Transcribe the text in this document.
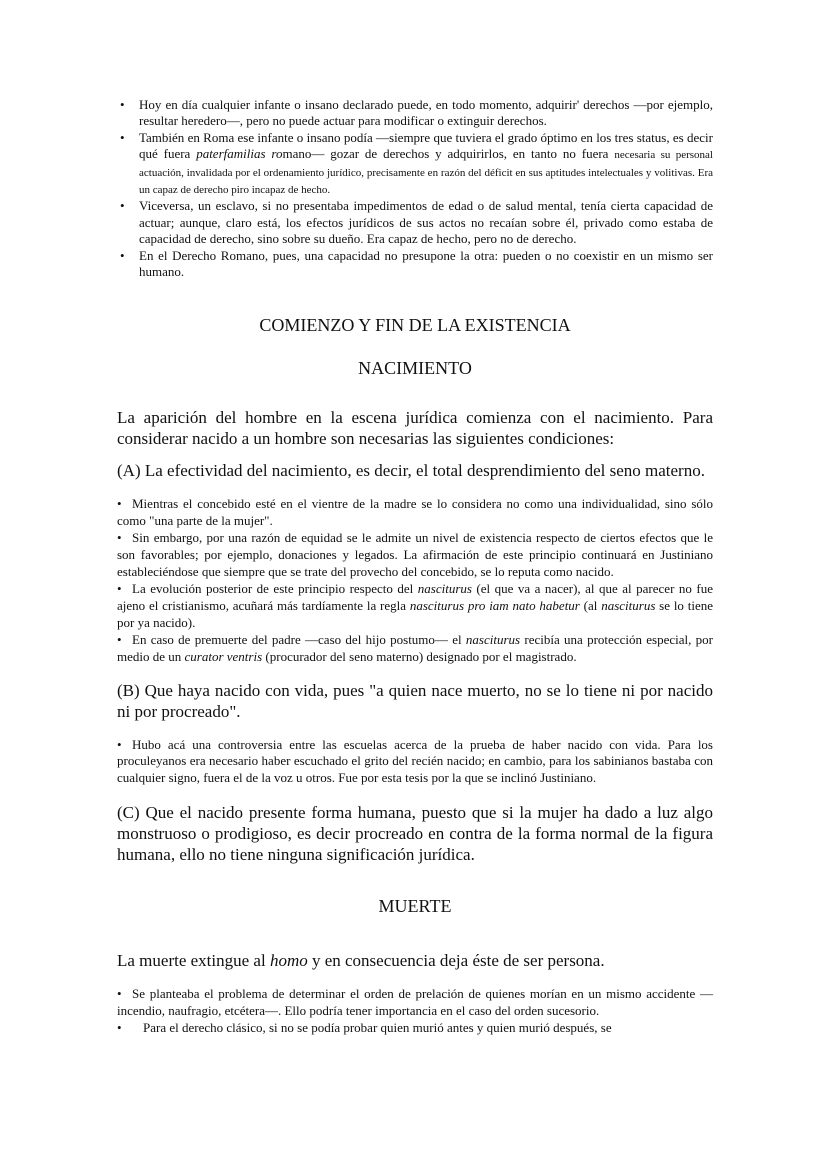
• Hoy en día cualquier infante o insano declarado puede, en todo momento, adquirir' derechos —por ejemplo, resultar heredero—, pero no puede actuar para modificar o extinguir derechos.
• También en Roma ese infante o insano podía —siempre que tuviera el grado óptimo en los tres status, es decir qué fuera paterfamilias romano— gozar de derechos y adquirirlos, en tanto no fuera necesaria su personal actuación, invalidada por el ordenamiento jurídico, precisamente en razón del déficit en sus aptitudes intelectuales y volitivas. Era un capaz de derecho piro incapaz de hecho.
• Viceversa, un esclavo, si no presentaba impedimentos de edad o de salud mental, tenía cierta capacidad de actuar; aunque, claro está, los efectos jurídicos de sus actos no recaían sobre él, privado como estaba de capacidad de derecho, sino sobre su dueño. Era capaz de hecho, pero no de derecho.
• En el Derecho Romano, pues, una capacidad no presupone la otra: pueden o no coexistir en un mismo ser humano.
COMIENZO Y FIN DE LA EXISTENCIA
NACIMIENTO

La aparición del hombre en la escena jurídica comienza con el nacimiento. Para considerar nacido a un hombre son necesarias las siguientes condiciones:

(A) La efectividad del nacimiento, es decir, el total desprendimiento del seno materno.

• Mientras el concebido esté en el vientre de la madre se lo considera no como una individualidad, sino sólo como "una parte de la mujer".

• Sin embargo, por una razón de equidad se le admite un nivel de existencia respecto de ciertos efectos que le son favorables; por ejemplo, donaciones y legados. La afirmación de este principio continuará en Justiniano estableciéndose que siempre que se trate del provecho del concebido, se lo reputa como nacido.

• La evolución posterior de este principio respecto del nasciturus (el que va a nacer), al que al parecer no fue ajeno el cristianismo, acuñará más tardíamente la regla nasciturus pro iam nato habetur (al nasciturus se lo tiene por ya nacido).

• En caso de premuerte del padre —caso del hijo postumo— el nasciturus recibía una protección especial, por medio de un curator ventris (procurador del seno materno) designado por el magistrado.

(B) Que haya nacido con vida, pues "a quien nace muerto, no se lo tiene ni por nacido ni por procreado".

• Hubo acá una controversia entre las escuelas acerca de la prueba de haber nacido con vida. Para los proculeyanos era necesario haber escuchado el grito del recién nacido; en cambio, para los sabinianos bastaba con cualquier signo, fuera el de la voz u otros. Fue por esta tesis por la que se inclinó Justiniano.

(C) Que el nacido presente forma humana, puesto que si la mujer ha dado a luz algo monstruoso o prodigioso, es decir procreado en contra de la forma normal de la figura humana, ello no tiene ninguna significación jurídica.

MUERTE

La muerte extingue al homo y en consecuencia deja éste de ser persona.

• Se planteaba el problema de determinar el orden de prelación de quienes morían en un mismo accidente —incendio, naufragio, etcétera—. Ello podría tener importancia en el caso del orden sucesorio.

• Para el derecho clásico, si no se podía probar quien murió antes y quien murió después, se
